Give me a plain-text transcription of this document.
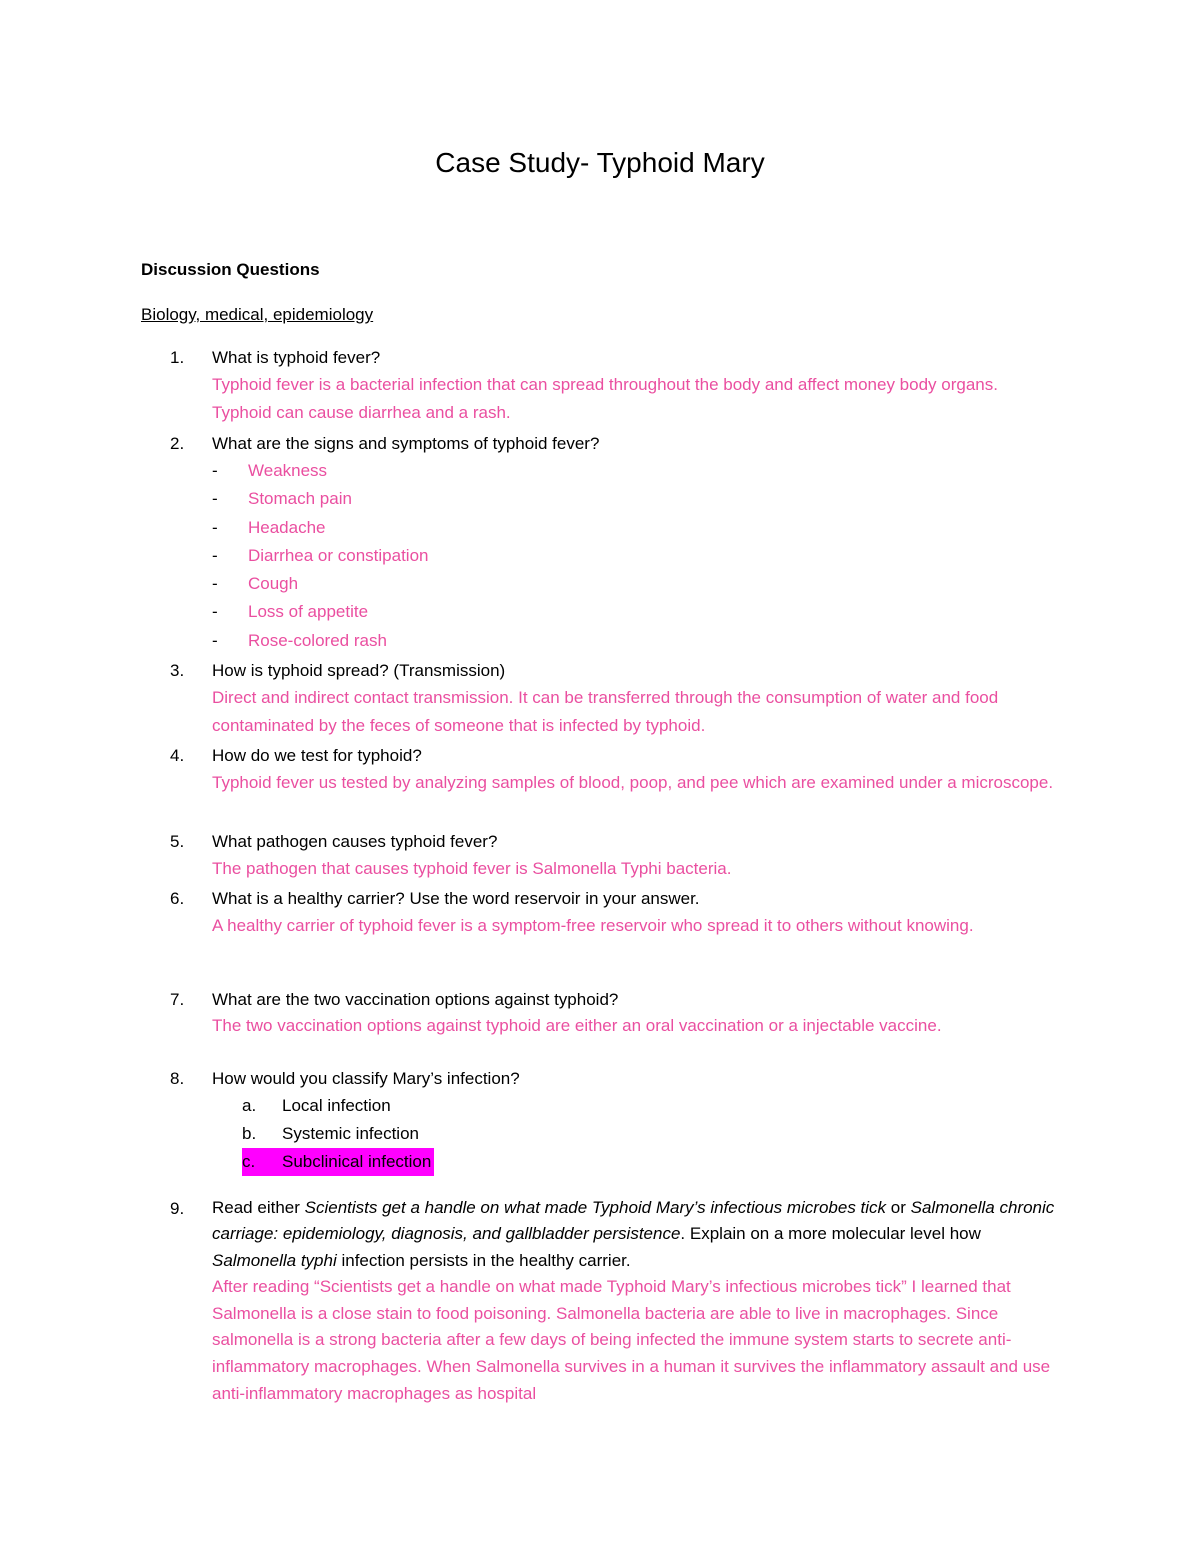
Case Study- Typhoid Mary

Discussion Questions

Biology, medical, epidemiology

1.	What is typhoid fever?
Typhoid fever is a bacterial infection that can spread throughout the body and affect money body organs. Typhoid can cause diarrhea and a rash.
2.	What are the signs and symptoms of typhoid fever?
- Weakness
- Stomach pain
- Headache
- Diarrhea or constipation
- Cough
- Loss of appetite
- Rose-colored rash
3.	How is typhoid spread? (Transmission)
Direct and indirect contact transmission. It can be transferred through the consumption of water and food contaminated by the feces of someone that is infected by typhoid.
4.	How do we test for typhoid?
Typhoid fever us tested by analyzing samples of blood, poop, and pee which are examined under a microscope.
5.	What pathogen causes typhoid fever?
The pathogen that causes typhoid fever is Salmonella Typhi bacteria.
6.	What is a healthy carrier? Use the word reservoir in your answer.
A healthy carrier of typhoid fever is a symptom-free reservoir who spread it to others without knowing.
7.	What are the two vaccination options against typhoid?
The two vaccination options against typhoid are either an oral vaccination or a injectable vaccine.
8.	How would you classify Mary’s infection?
a. Local infection
b. Systemic infection
c. Subclinical infection
9.	Read either Scientists get a handle on what made Typhoid Mary’s infectious microbes tick or Salmonella chronic carriage: epidemiology, diagnosis, and gallbladder persistence. Explain on a more molecular level how Salmonella typhi infection persists in the healthy carrier.
After reading “Scientists get a handle on what made Typhoid Mary’s infectious microbes tick” I learned that Salmonella is a close stain to food poisoning. Salmonella bacteria are able to live in macrophages. Since salmonella is a strong bacteria after a few days of being infected the immune system starts to secrete anti-inflammatory macrophages. When Salmonella survives in a human it survives the inflammatory assault and use anti-inflammatory macrophages as hospital
